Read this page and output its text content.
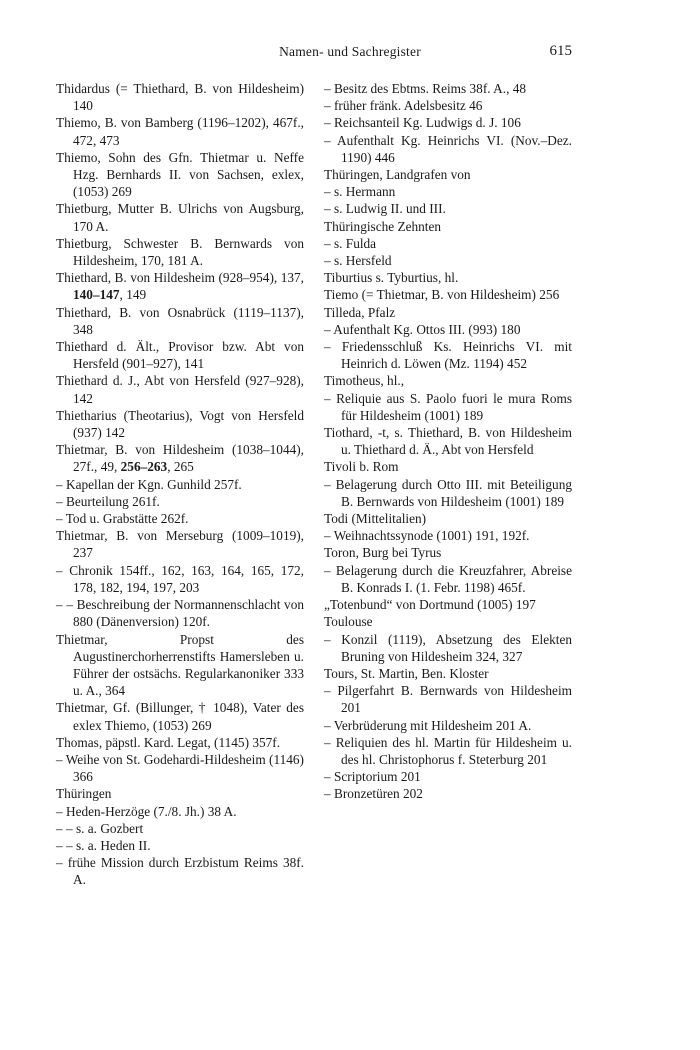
Namen- und Sachregister	615
Thidardus (= Thiethard, B. von Hildesheim) 140
Thiemo, B. von Bamberg (1196–1202), 467f., 472, 473
Thiemo, Sohn des Gfn. Thietmar u. Neffe Hzg. Bernhards II. von Sachsen, exlex, (1053) 269
Thietburg, Mutter B. Ulrichs von Augsburg, 170 A.
Thietburg, Schwester B. Bernwards von Hildesheim, 170, 181 A.
Thiethard, B. von Hildesheim (928–954), 137, 140–147, 149
Thiethard, B. von Osnabrück (1119–1137), 348
Thiethard d. Ält., Provisor bzw. Abt von Hersfeld (901–927), 141
Thiethard d. J., Abt von Hersfeld (927–928), 142
Thietharius (Theotarius), Vogt von Hersfeld (937) 142
Thietmar, B. von Hildesheim (1038–1044), 27f., 49, 256–263, 265
– Kapellan der Kgn. Gunhild 257f.
– Beurteilung 261f.
– Tod u. Grabstätte 262f.
Thietmar, B. von Merseburg (1009–1019), 237
– Chronik 154ff., 162, 163, 164, 165, 172, 178, 182, 194, 197, 203
– – Beschreibung der Normannenschlacht von 880 (Dänenversion) 120f.
Thietmar, Propst des Augustinerchorherrenstifts Hamersleben u. Führer der ostsächs. Regularkanoniker 333 u. A., 364
Thietmar, Gf. (Billunger, † 1048), Vater des exlex Thiemo, (1053) 269
Thomas, päpstl. Kard. Legat, (1145) 357f.
– Weihe von St. Godehardi-Hildesheim (1146) 366
Thüringen
– Heden-Herzöge (7./8. Jh.) 38 A.
– – s. a. Gozbert
– – s. a. Heden II.
– frühe Mission durch Erzbistum Reims 38f. A.
– Besitz des Ebtms. Reims 38f. A., 48
– früher fränk. Adelsbesitz 46
– Reichsanteil Kg. Ludwigs d. J. 106
– Aufenthalt Kg. Heinrichs VI. (Nov.–Dez. 1190) 446
Thüringen, Landgrafen von
– s. Hermann
– s. Ludwig II. und III.
Thüringische Zehnten
– s. Fulda
– s. Hersfeld
Tiburtius s. Tyburtius, hl.
Tiemo (= Thietmar, B. von Hildesheim) 256
Tilleda, Pfalz
– Aufenthalt Kg. Ottos III. (993) 180
– Friedensschluß Ks. Heinrichs VI. mit Heinrich d. Löwen (Mz. 1194) 452
Timotheus, hl.,
– Reliquie aus S. Paolo fuori le mura Roms für Hildesheim (1001) 189
Tiothard, -t, s. Thiethard, B. von Hildesheim u. Thiethard d. Ä., Abt von Hersfeld
Tivoli b. Rom
– Belagerung durch Otto III. mit Beteiligung B. Bernwards von Hildesheim (1001) 189
Todi (Mittelitalien)
– Weihnachtssynode (1001) 191, 192f.
Toron, Burg bei Tyrus
– Belagerung durch die Kreuzfahrer, Abreise B. Konrads I. (1. Febr. 1198) 465f.
„Totenbund“ von Dortmund (1005) 197
Toulouse
– Konzil (1119), Absetzung des Elekten Bruning von Hildesheim 324, 327
Tours, St. Martin, Ben. Kloster
– Pilgerfahrt B. Bernwards von Hildesheim 201
– Verbrüderung mit Hildesheim 201 A.
– Reliquien des hl. Martin für Hildesheim u. des hl. Christophorus f. Steterburg 201
– Scriptorium 201
– Bronzetüren 202
